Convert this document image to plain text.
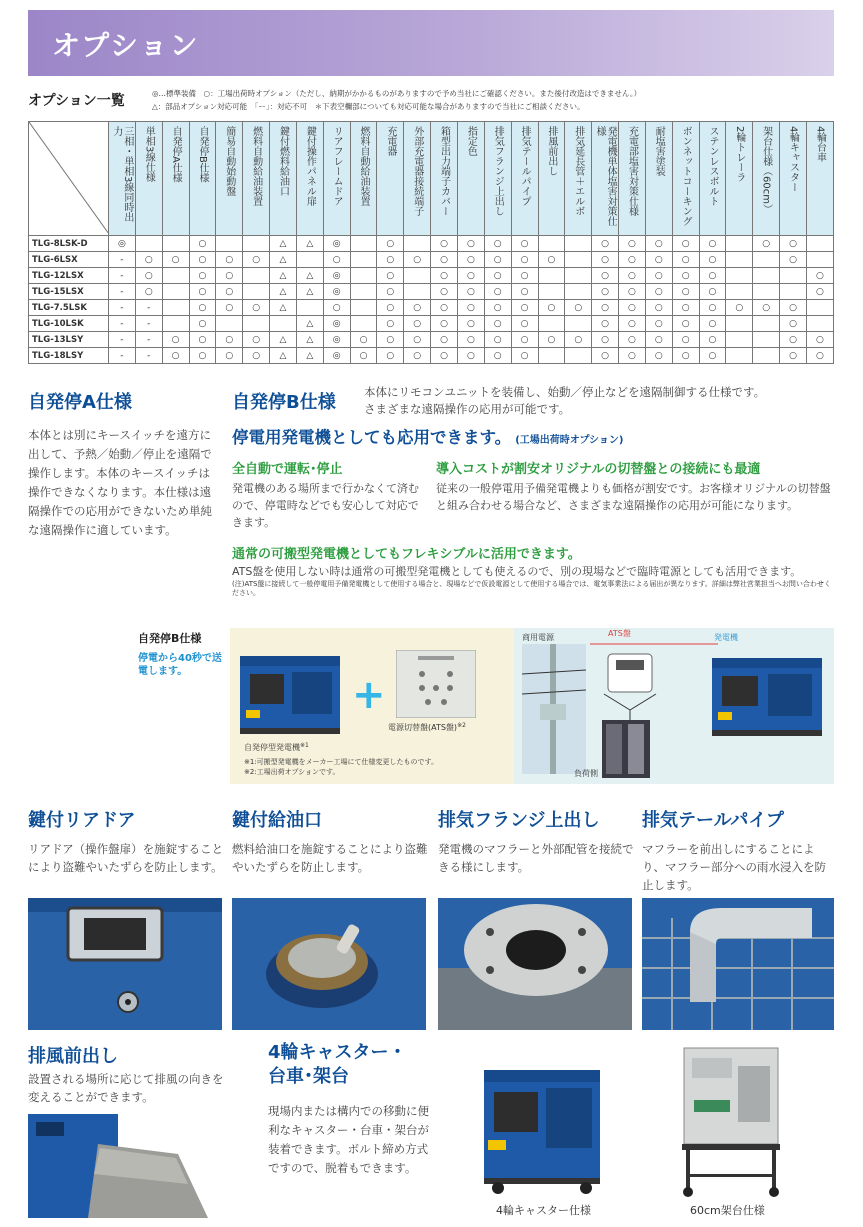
オプション
オプション一覧	◎…標準装備　○：工場出荷時オプション（ただし、納期がかかるものがありますので予め当社にご確認ください。また後付改造はできません。）
△：部品オプション対応可能　「ー」：対応不可　＊下表空欄部についても対応可能な場合がありますので当社にご相談ください。
	三相・単相3線同時出力	単相3線仕様	自発停A仕様	自発停B仕様	簡易自動始動盤	燃料自動給油装置	鍵付燃料給油口	鍵付操作パネル扉	リアフレームドア	燃料自動給油装置	充電器	外部充電器接続端子	箱型出力端子カバー	指定色	排気フランジ上出し	排気テールパイプ	排風前出し	排気延長管＋エルボ	発電機単体塩害対策仕様	充電部塩害対策仕様	耐塩害塗装	ボンネットコーキング	ステンレスボルト	2輪トレーラ	架台仕様（60cm）	4輪キャスター	4輪台車
TLG-8LSK-D	◎			○			△	△	◎		○		○	○	○	○			○	○	○	○	○		○	○	
TLG-6LSX	-	○	○	○	○	○	△		○		○	○	○	○	○	○	○		○	○	○	○	○			○	
TLG-12LSX	-	○		○	○		△	△	◎		○		○	○	○	○			○	○	○	○	○				○
TLG-15LSX	-	○		○	○		△	△	◎		○		○	○	○	○			○	○	○	○	○				○
TLG-7.5LSK	-	-		○	○	○	△		○		○	○	○	○	○	○	○	○	○	○	○	○	○	○	○	○	
TLG-10LSK	-	-		○				△	◎		○	○	○	○	○	○			○	○	○	○	○			○	
TLG-13LSY	-	-	○	○	○	○	△	△	◎	○	○	○	○	○	○	○	○	○	○	○	○	○	○			○	○
TLG-18LSY	-	-	○	○	○	○	△	△	◎	○	○	○	○	○	○	○			○	○	○	○	○			○	○
自発停A仕様
本体とは別にキースイッチを遠方に出して、予熱／始動／停止を遠隔で操作します。本体のキースイッチは操作できなくなります。本仕様は遠隔操作での応用ができないため単純な遠隔操作に適しています。
自発停B仕様 本体にリモコンユニットを装備し、始動／停止などを遠隔制御する仕様です。
さまざまな遠隔操作の応用が可能です。
停電用発電機としても応用できます。 (工場出荷時オプション)
全自動で運転･停止
発電機のある場所まで行かなくて済むので、停電時などでも安心して対応できます。
導入コストが割安オリジナルの切替盤との接続にも最適
従来の一般停電用予備発電機よりも価格が割安です。お客様オリジナルの切替盤と組み合わせる場合など、さまざまな遠隔操作の応用が可能になります。
通常の可搬型発電機としてもフレキシブルに活用できます。
ATS盤を使用しない時は通常の可搬型発電機としても使えるので、別の現場などで臨時電源としても活用できます。
(注)ATS盤に接続して一般停電用予備発電機として使用する場合と、現場などで仮設電源として使用する場合では、電気事業法による届出が異なります。詳細は弊社営業担当へお問い合わせください。
自発停B仕様
停電から40秒で送電します。
自発停型発電機$^{※1}$
+
電源切替盤(ATS盤)$^{※2}$
※1:可搬型発電機をメーカー工場にて仕様変更したものです。
※2:工場出荷オプションです。
商用電源	ATS盤
負荷側
発電機
鍵付リアドア
リアドア（操作盤扉）を施錠することにより盗難やいたずらを防止します。
鍵付給油口
燃料給油口を施錠することにより盗難やいたずらを防止します。
排気フランジ上出し
発電機のマフラーと外部配管を接続できる様にします。
排気テールパイプ
マフラーを前出しにすることにより、マフラー部分への雨水浸入を防止します。
排風前出し
設置される場所に応じて排風の向きを変えることができます。
4輪キャスター・
台車･架台
現場内または構内での移動に便利なキャスター・台車・架台が装着できます。ボルト締め方式ですので、脱着もできます。
4輪キャスター仕様	60cm架台仕様
